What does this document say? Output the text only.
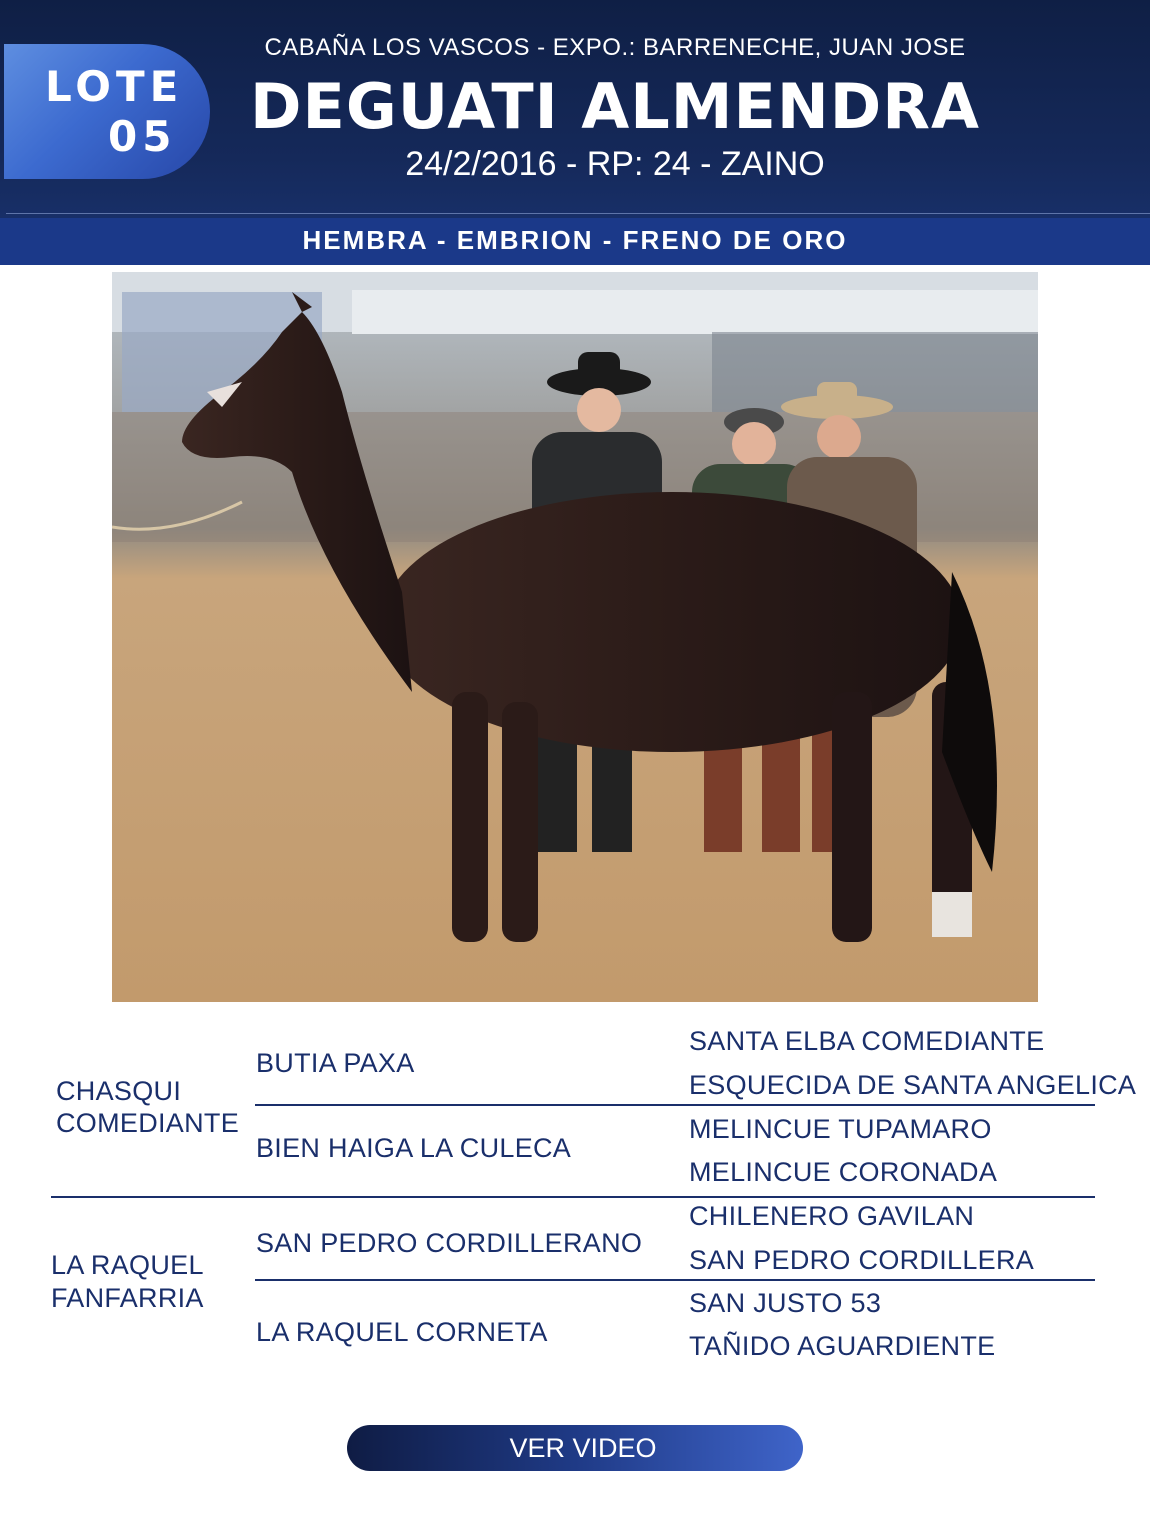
LOTE
05
CABAÑA LOS VASCOS - EXPO.: BARRENECHE, JUAN JOSE
DEGUATI ALMENDRA
24/2/2016 - RP: 24 - ZAINO
HEMBRA - EMBRION - FRENO DE ORO
CHASQUI
COMEDIANTE
BUTIA PAXA
BIEN HAIGA LA CULECA
SANTA ELBA COMEDIANTE
ESQUECIDA DE SANTA ANGELICA
MELINCUE TUPAMARO
MELINCUE CORONADA
LA RAQUEL
FANFARRIA
SAN PEDRO CORDILLERANO
LA RAQUEL CORNETA
CHILENERO GAVILAN
SAN PEDRO CORDILLERA
SAN JUSTO 53
TAÑIDO AGUARDIENTE
VER VIDEO
